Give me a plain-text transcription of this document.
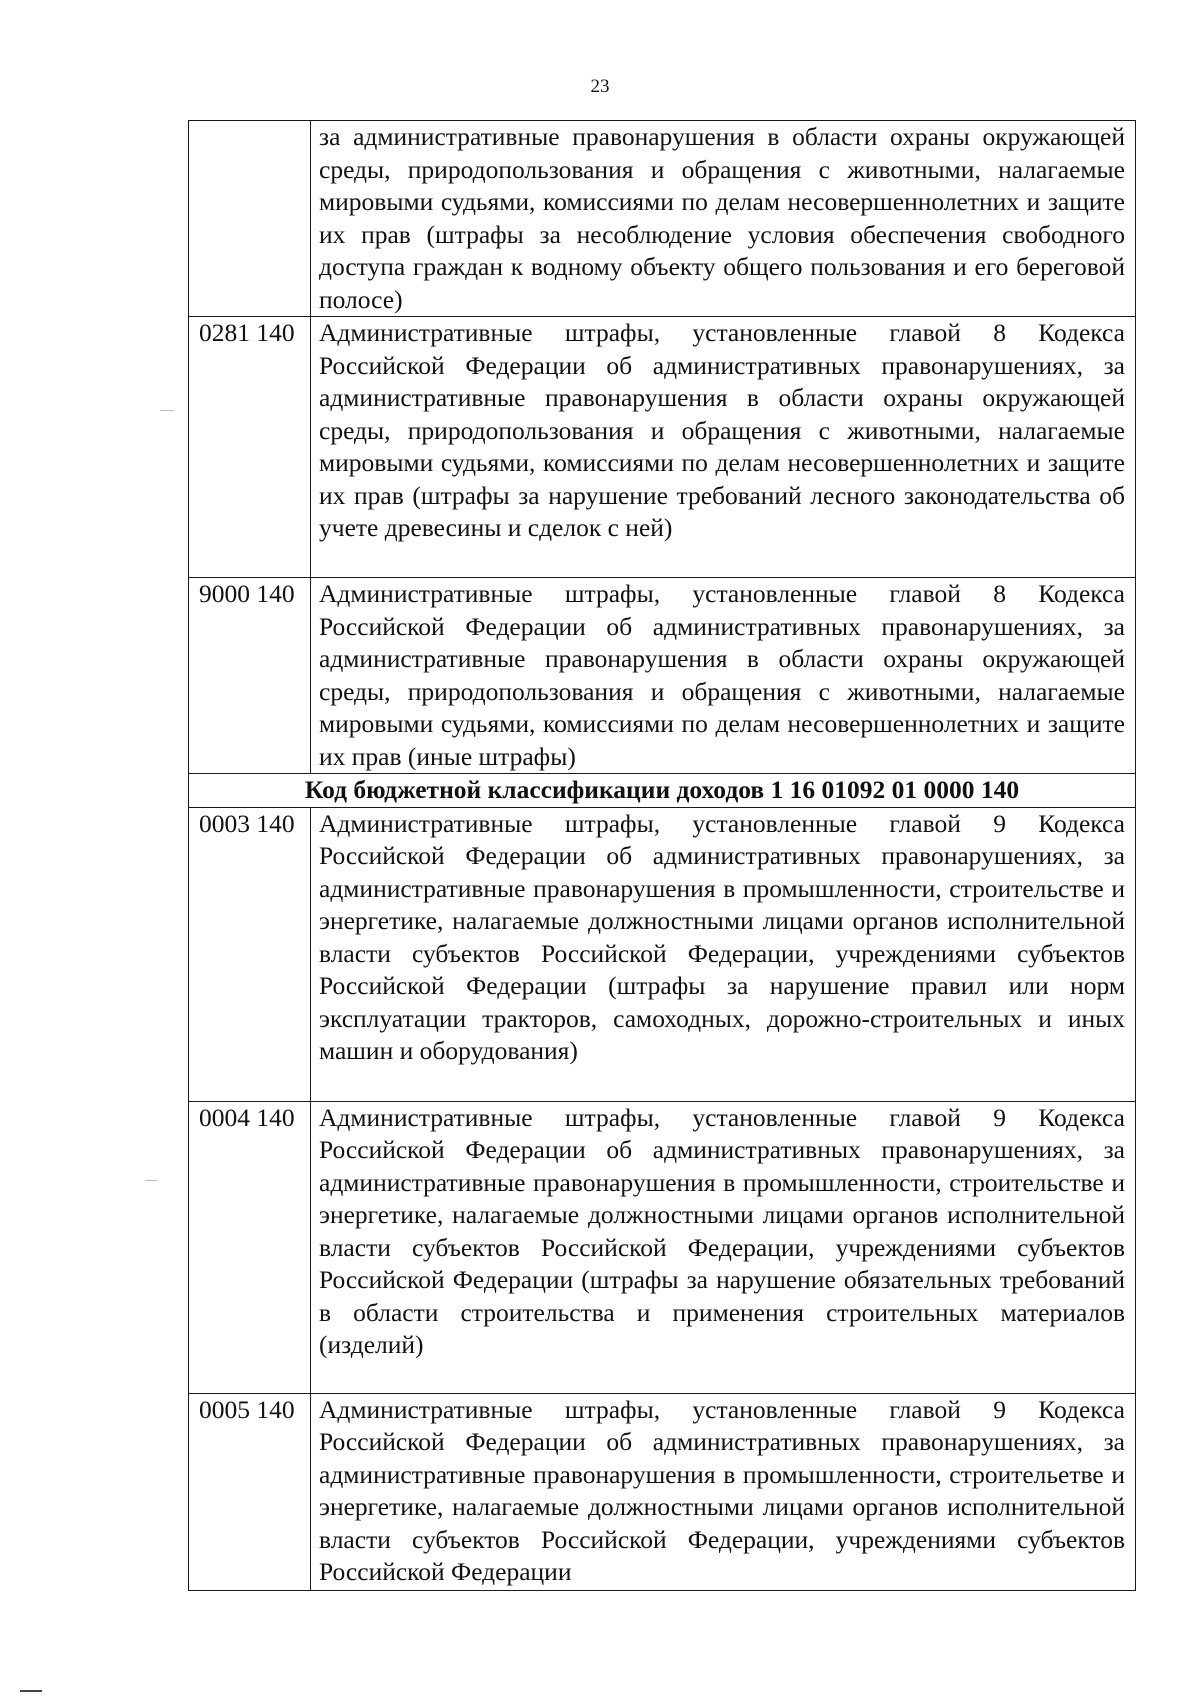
23
	за административные правонарушения в области охраны окружающей среды, природопользования и обращения с животными, налагаемые мировыми судьями, комиссиями по делам несовершеннолетних и защите их прав (штрафы за несоблюдение условия обеспечения свободного доступа граждан к водному объекту общего пользования и его береговой полосе)
0281 140	Административные штрафы, установленные главой 8 Кодекса Российской Федерации об административных правонарушениях, за административные правонарушения в области охраны окружающей среды, природопользования и обращения с животными, налагаемые мировыми судьями, комиссиями по делам несовершеннолетних и защите их прав (штрафы за нарушение требований лесного законодательства об учете древесины и сделок с ней)
9000 140	Административные штрафы, установленные главой 8 Кодекса Российской Федерации об административных правонарушениях, за административные правонарушения в области охраны окружающей среды, природопользования и обращения с животными, налагаемые мировыми судьями, комиссиями по делам несовершеннолетних и защите их прав (иные штрафы)
Код бюджетной классификации доходов 1 16 01092 01 0000 140	
0003 140	Административные штрафы, установленные главой 9 Кодекса Российской Федерации об административных правонарушениях, за административные правонарушения в промышленности, строительстве и энергетике, налагаемые должностными лицами органов исполнительной власти субъектов Российской Федерации, учреждениями субъектов Российской Федерации (штрафы за нарушение правил или норм эксплуатации тракторов, самоходных, дорожно-строительных и иных машин и оборудования)
0004 140	Административные штрафы, установленные главой 9 Кодекса Российской Федерации об административных правонарушениях, за административные правонарушения в промышленности, строительстве и энергетике, налагаемые должностными лицами органов исполнительной власти субъектов Российской Федерации, учреждениями субъектов Российской Федерации (штрафы за нарушение обязательных требований в области строительства и применения строительных материалов (изделий)
0005 140	Административные штрафы, установленные главой 9 Кодекса Российской Федерации об административных правонарушениях, за административные правонарушения в промышленности, строительетве и энергетике, налагаемые должностными лицами органов исполнительной власти субъектов Российской Федерации, учреждениями субъектов Российской Федерации
